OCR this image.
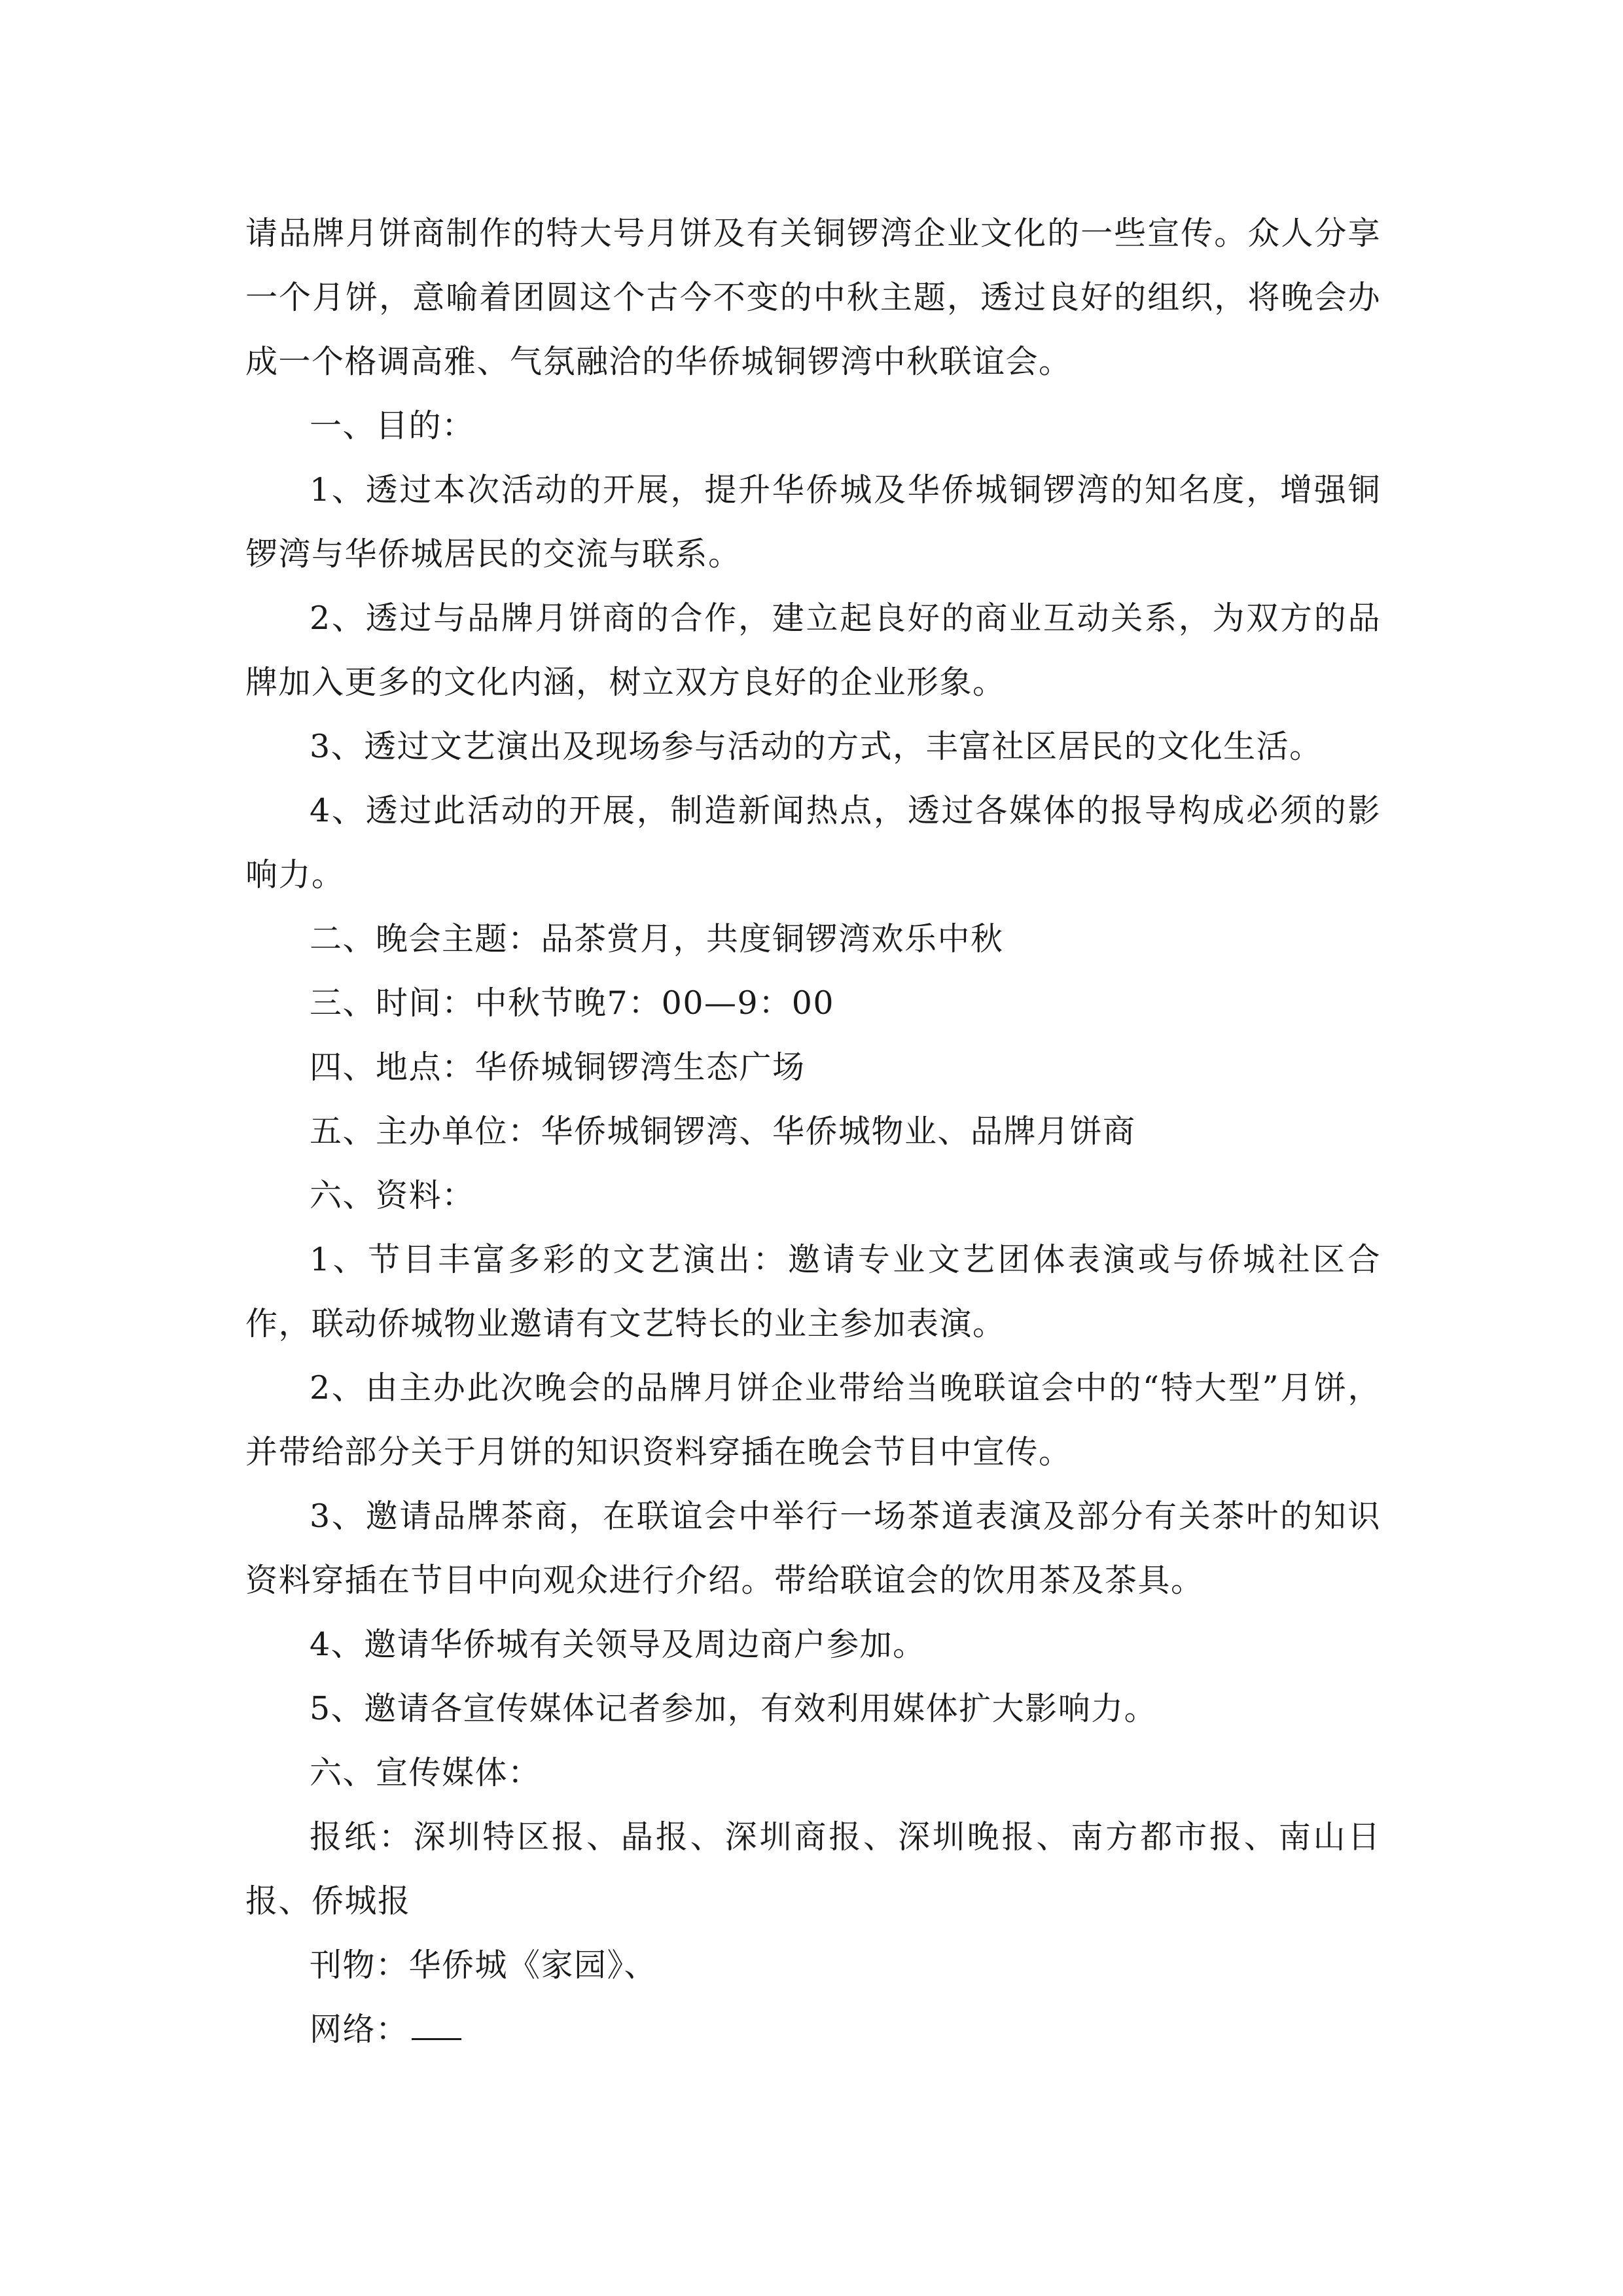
请品牌月饼商制作的特大号月饼及有关铜锣湾企业文化的一些宣传。众人分享一个月饼，意喻着团圆这个古今不变的中秋主题，透过良好的组织，将晚会办成一个格调高雅、气氛融洽的华侨城铜锣湾中秋联谊会。

一、目的：

1、透过本次活动的开展，提升华侨城及华侨城铜锣湾的知名度，增强铜锣湾与华侨城居民的交流与联系。

2、透过与品牌月饼商的合作，建立起良好的商业互动关系，为双方的品牌加入更多的文化内涵，树立双方良好的企业形象。

3、透过文艺演出及现场参与活动的方式，丰富社区居民的文化生活。

4、透过此活动的开展，制造新闻热点，透过各媒体的报导构成必须的影响力。

二、晚会主题：品茶赏月，共度铜锣湾欢乐中秋

三、时间：中秋节晚7：00—9：00

四、地点：华侨城铜锣湾生态广场

五、主办单位：华侨城铜锣湾、华侨城物业、品牌月饼商

六、资料：

1、节目丰富多彩的文艺演出：邀请专业文艺团体表演或与侨城社区合作，联动侨城物业邀请有文艺特长的业主参加表演。

2、由主办此次晚会的品牌月饼企业带给当晚联谊会中的“特大型”月饼，并带给部分关于月饼的知识资料穿插在晚会节目中宣传。

3、邀请品牌茶商，在联谊会中举行一场茶道表演及部分有关茶叶的知识资料穿插在节目中向观众进行介绍。带给联谊会的饮用茶及茶具。

4、邀请华侨城有关领导及周边商户参加。

5、邀请各宣传媒体记者参加，有效利用媒体扩大影响力。

六、宣传媒体：

报纸：深圳特区报、晶报、深圳商报、深圳晚报、南方都市报、南山日报、侨城报

刊物：华侨城《家园》、

网络：
